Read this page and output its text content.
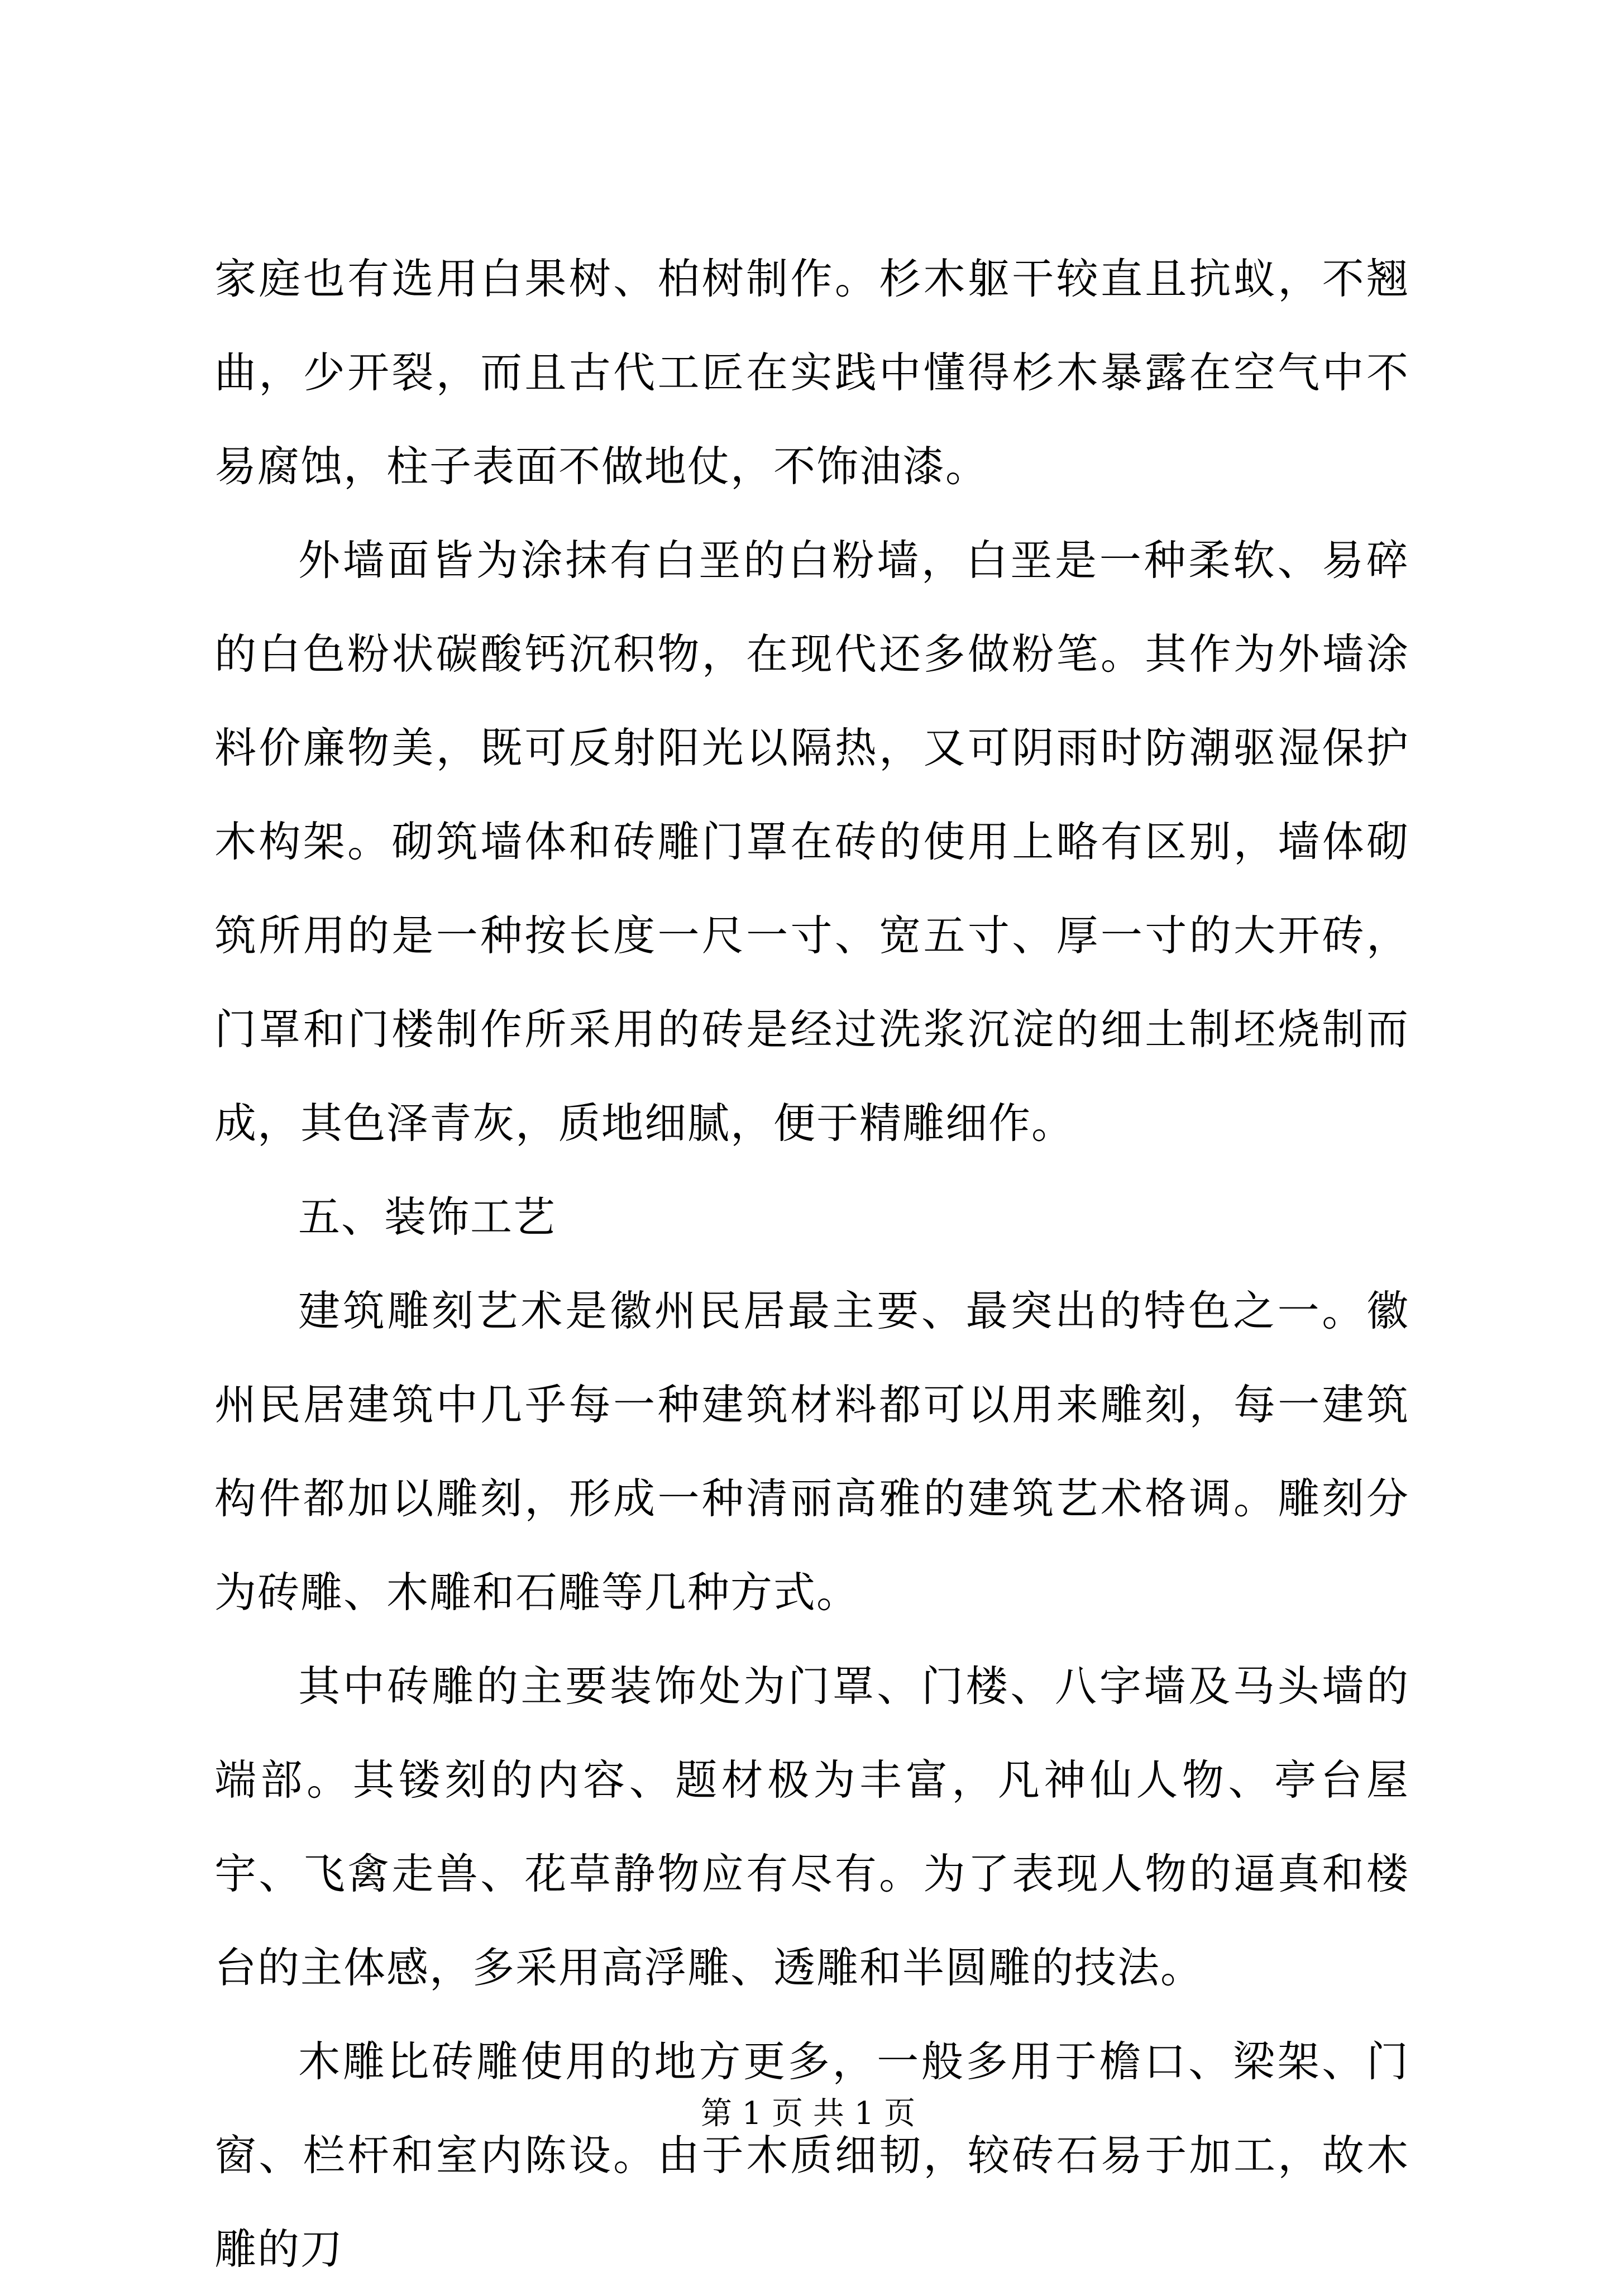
家庭也有选用白果树、柏树制作。杉木躯干较直且抗蚁，不翘曲，少开裂，而且古代工匠在实践中懂得杉木暴露在空气中不易腐蚀，柱子表面不做地仗，不饰油漆。

外墙面皆为涂抹有白垩的白粉墙，白垩是一种柔软、易碎的白色粉状碳酸钙沉积物，在现代还多做粉笔。其作为外墙涂料价廉物美，既可反射阳光以隔热，又可阴雨时防潮驱湿保护木构架。砌筑墙体和砖雕门罩在砖的使用上略有区别，墙体砌筑所用的是一种按长度一尺一寸、宽五寸、厚一寸的大开砖，门罩和门楼制作所采用的砖是经过洗浆沉淀的细土制坯烧制而成，其色泽青灰，质地细腻，便于精雕细作。

五、装饰工艺

建筑雕刻艺术是徽州民居最主要、最突出的特色之一。徽州民居建筑中几乎每一种建筑材料都可以用来雕刻，每一建筑构件都加以雕刻，形成一种清丽高雅的建筑艺术格调。雕刻分为砖雕、木雕和石雕等几种方式。

其中砖雕的主要装饰处为门罩、门楼、八字墙及马头墙的端部。其镂刻的内容、题材极为丰富，凡神仙人物、亭台屋宇、飞禽走兽、花草静物应有尽有。为了表现人物的逼真和楼台的主体感，多采用高浮雕、透雕和半圆雕的技法。

木雕比砖雕使用的地方更多，一般多用于檐口、梁架、门窗、栏杆和室内陈设。由于木质细韧，较砖石易于加工，故木雕的刀

第 1 页 共 1 页
